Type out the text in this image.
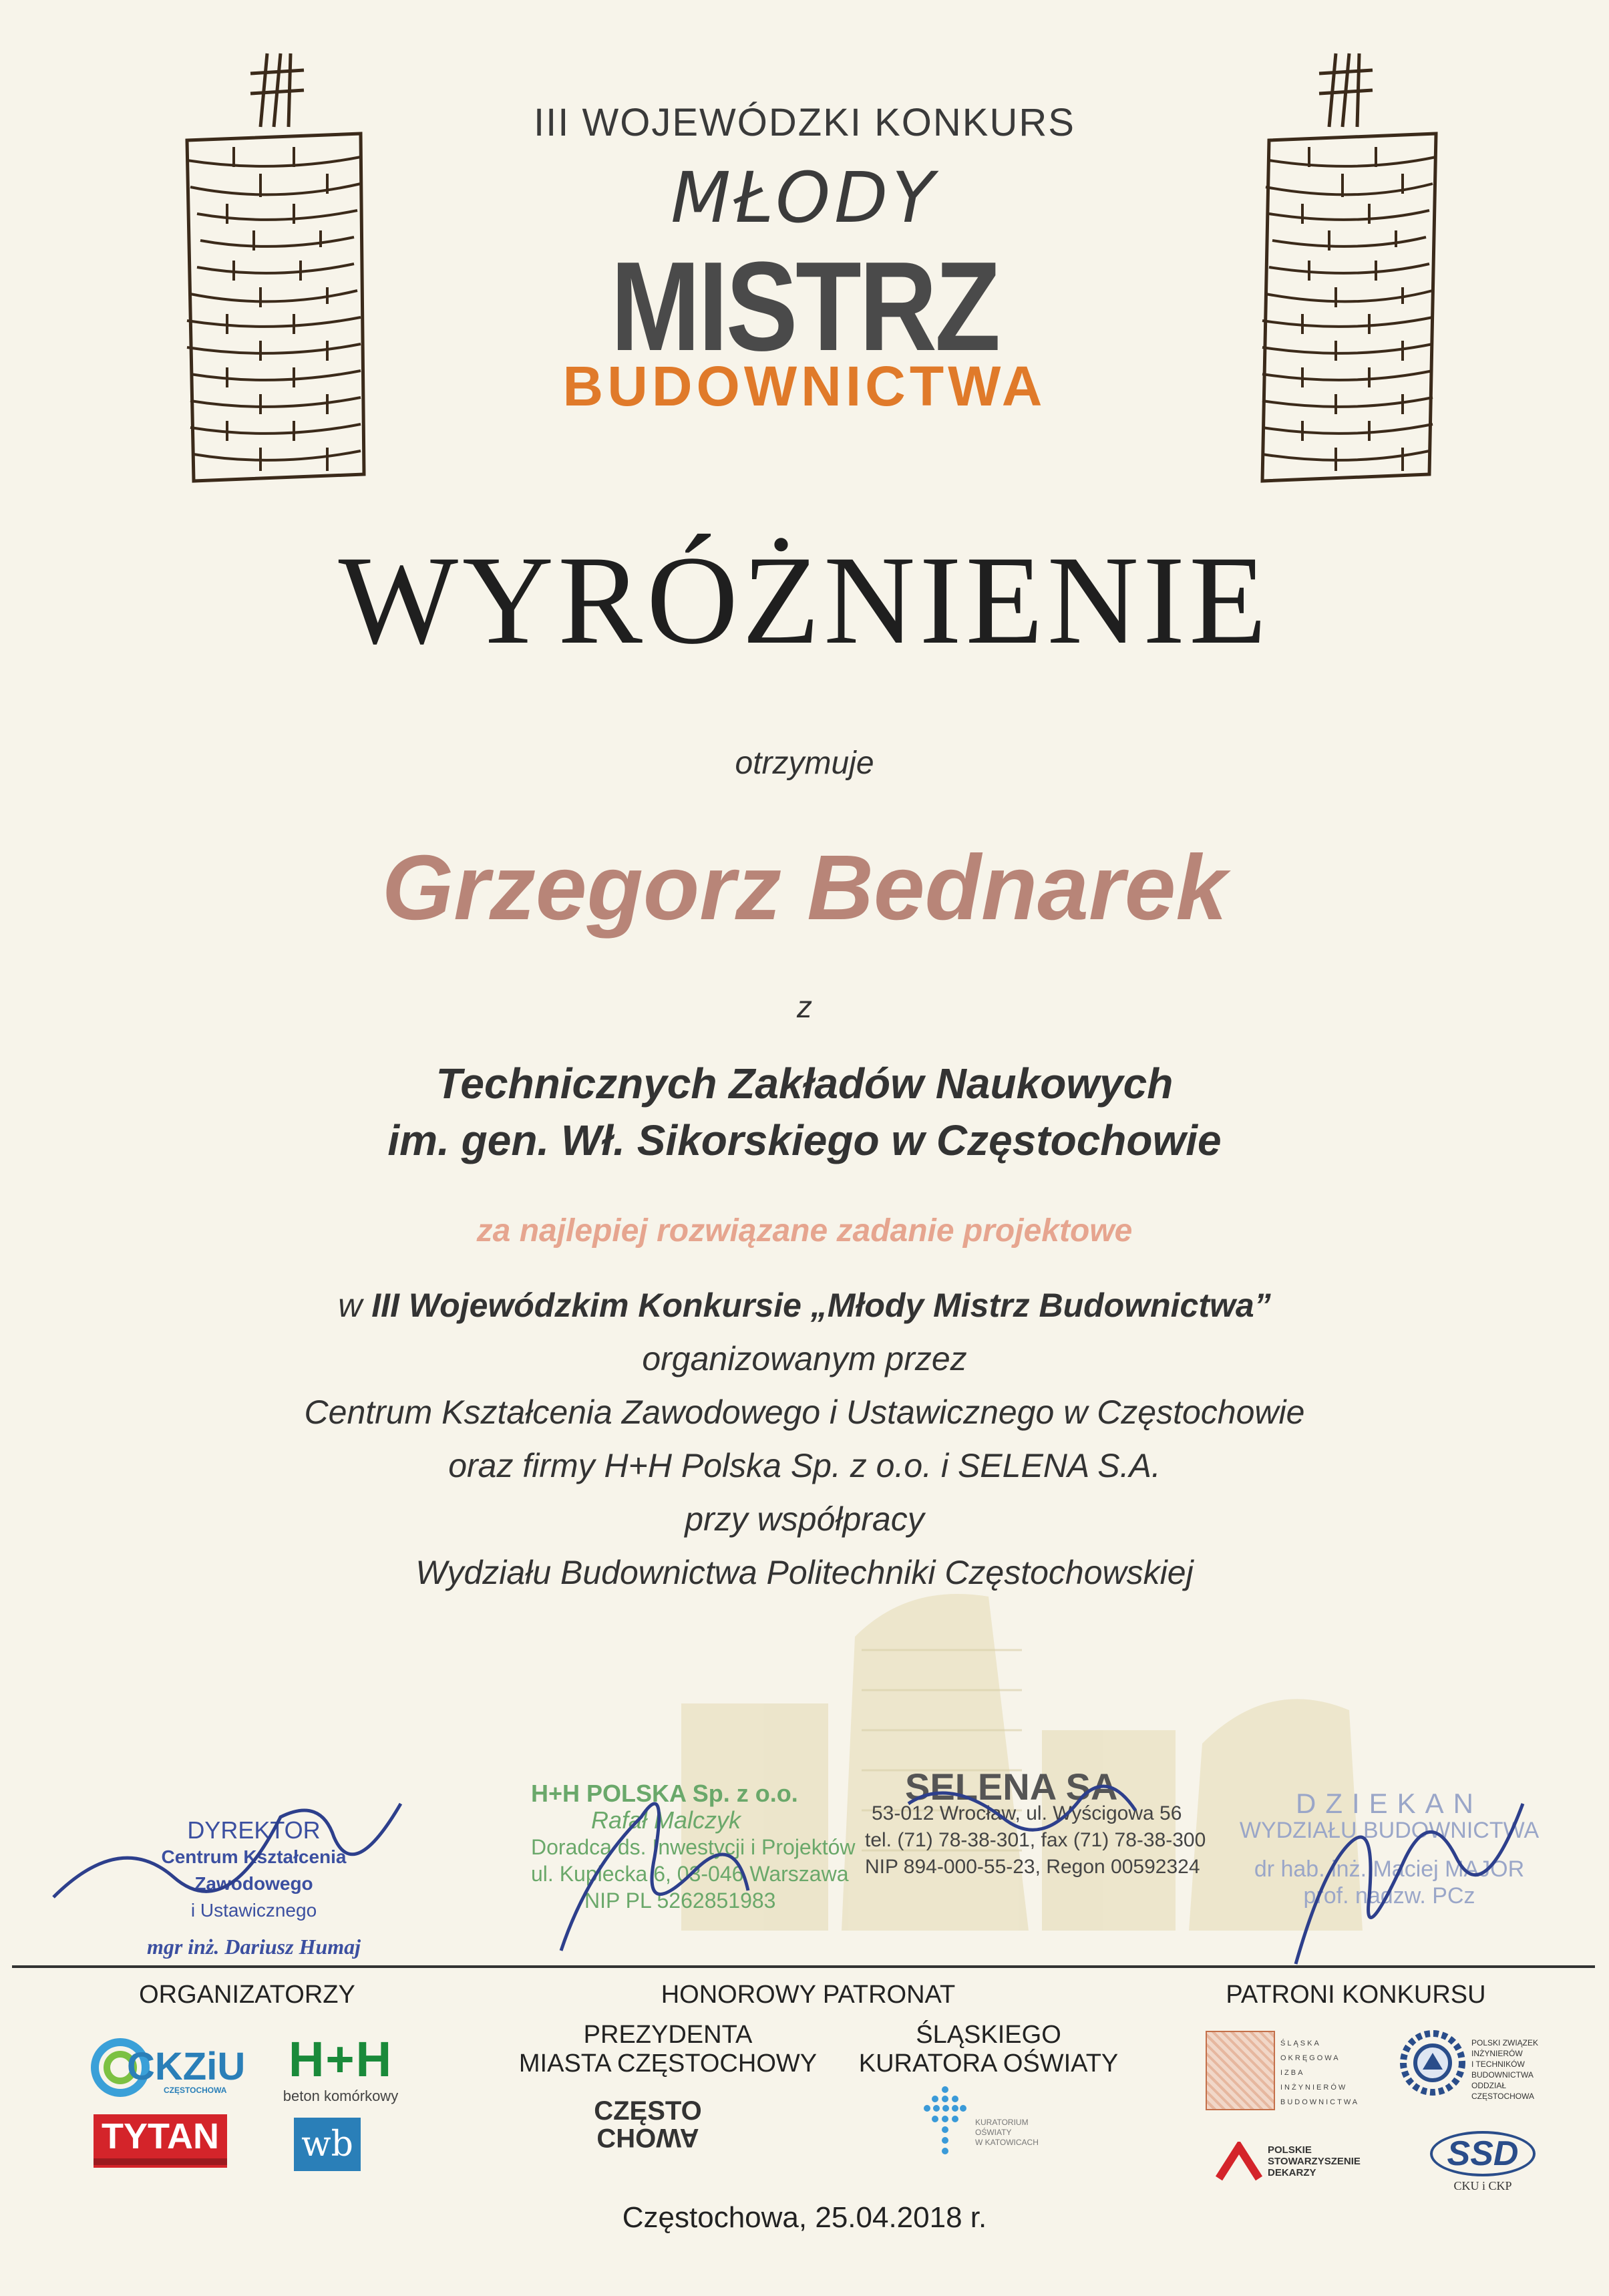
III WOJEWÓDZKI KONKURS
MŁODY
MISTRZ
BUDOWNICTWA
WYRÓŻNIENIE
otrzymuje
Grzegorz Bednarek
z
Technicznych Zakładów Naukowych
im. gen. Wł. Sikorskiego w Częstochowie
za najlepiej rozwiązane zadanie projektowe
w III Wojewódzkim Konkursie „Młody Mistrz Budownictwa”
organizowanym przez
Centrum Kształcenia Zawodowego i Ustawicznego w Częstochowie
oraz firmy H+H Polska Sp. z o.o. i SELENA S.A.
przy współpracy
Wydziału Budownictwa Politechniki Częstochowskiej
DYREKTOR
Centrum Kształcenia Zawodowego
i Ustawicznego
mgr inż. Dariusz Humaj
H+H POLSKA Sp. z o.o.
Rafał Malczyk
Doradca ds. Inwestycji i Projektów
ul. Kupiecka 6, 03-046 Warszawa
NIP PL 5262851983
SELENA SA
53-012 Wrocław, ul. Wyścigowa 56
tel. (71) 78-38-301, fax (71) 78-38-300
NIP 894-000-55-23, Regon 00592324
DZIEKAN
WYDZIAŁU BUDOWNICTWA
dr hab. inż. Maciej MAJOR
prof. nadzw. PCz
ORGANIZATORZY	HONOROWY PATRONAT
PREZYDENTA
MIASTA CZĘSTOCHOWY
ŚLĄSKIEGO
KURATORA OŚWIATY
PATRONI KONKURSU
CKZiU
CZĘSTOCHOWA
H+H
beton komórkowy
TYTAN wb
CZĘSTO
CHOWA
KURATORIUM
OŚWIATY
W KATOWICACH
ŚLĄSKA OKRĘGOWA IZBA INŻYNIERÓW BUDOWNICTWA
POLSKI ZWIĄZEK INŻYNIERÓW
I TECHNIKÓW BUDOWNICTWA
ODDZIAŁ CZĘSTOCHOWA
POLSKIE
STOWARZYSZENIE
DEKARZY	SSD
CKU i CKP
Częstochowa, 25.04.2018 r.
